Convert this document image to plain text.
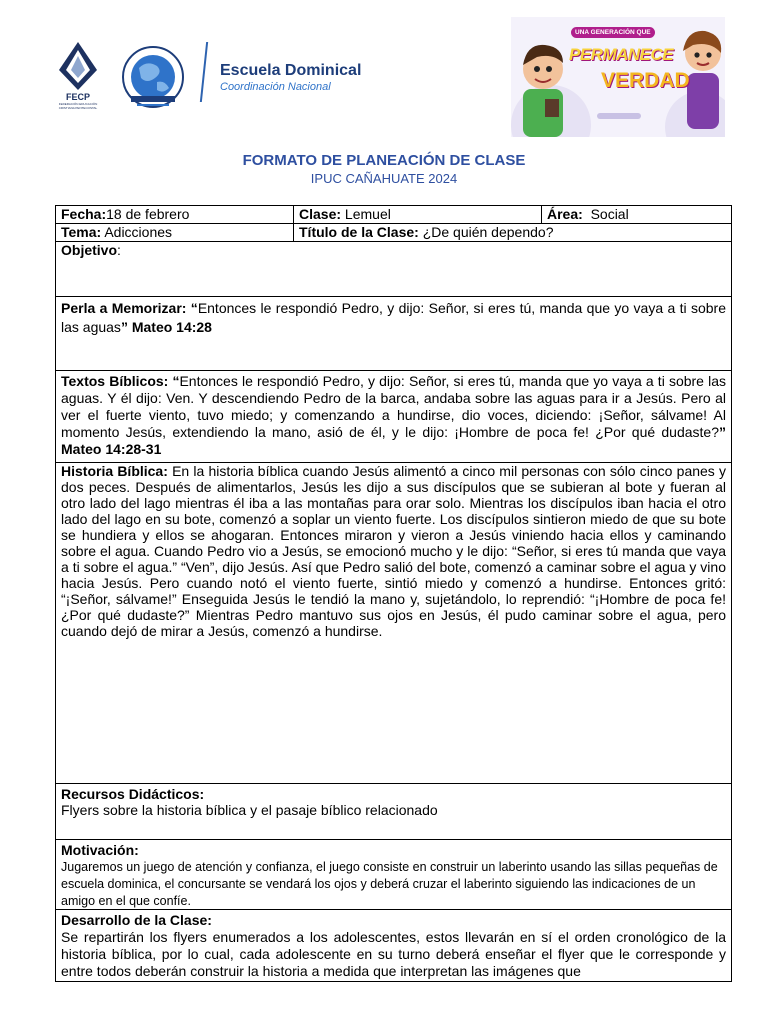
FECP
FEDERACIÓN EDUCACIÓN CRISTIANA PENTECOSTAL
Escuela Dominical
Coordinación Nacional
UNA GENERACIÓN QUE
PERMANECE
VERDAD
FORMATO DE PLANEACIÓN DE CLASE
IPUC CAÑAHUATE 2024
Fecha:18 de febrero	Clase: Lemuel	Área:  Social
Tema: Adicciones	Título de la Clase: ¿De quién dependo?	
Objetivo:		
Perla a Memorizar: “Entonces le respondió Pedro, y dijo: Señor, si eres tú, manda que yo vaya a ti sobre las aguas” Mateo 14:28		
Textos Bíblicos: “Entonces le respondió Pedro, y dijo: Señor, si eres tú, manda que yo vaya a ti sobre las aguas. Y él dijo: Ven. Y descendiendo Pedro de la barca, andaba sobre las aguas para ir a Jesús. Pero al ver el fuerte viento, tuvo miedo; y comenzando a hundirse, dio voces, diciendo: ¡Señor, sálvame! Al momento Jesús, extendiendo la mano, asió de él, y le dijo: ¡Hombre de poca fe! ¿Por qué dudaste?” Mateo 14:28-31		
Historia Bíblica: En la historia bíblica cuando Jesús alimentó a cinco mil personas con sólo cinco panes y dos peces. Después de alimentarlos, Jesús les dijo a sus discípulos que se subieran al bote y fueran al otro lado del lago mientras él iba a las montañas para orar solo. Mientras los discípulos iban hacia el otro lado del lago en su bote, comenzó a soplar un viento fuerte. Los discípulos sintieron miedo de que su bote se hundiera y ellos se ahogaran. Entonces miraron y vieron a Jesús viniendo hacia ellos y caminando sobre el agua. Cuando Pedro vio a Jesús, se emocionó mucho y le dijo: “Señor, si eres tú manda que vaya a ti sobre el agua.” “Ven”, dijo Jesús. Así que Pedro salió del bote, comenzó a caminar sobre el agua y vino hacia Jesús. Pero cuando notó el viento fuerte, sintió miedo y comenzó a hundirse. Entonces gritó: “¡Señor, sálvame!” Enseguida Jesús le tendió la mano y, sujetándolo, lo reprendió: “¡Hombre de poca fe! ¿Por qué dudaste?” Mientras Pedro mantuvo sus ojos en Jesús, él pudo caminar sobre el agua, pero cuando dejó de mirar a Jesús, comenzó a hundirse.		
Recursos Didácticos:
Flyers sobre la historia bíblica y el pasaje bíblico relacionado		
Motivación:
Jugaremos un juego de atención y confianza, el juego consiste en construir un laberinto usando las sillas pequeñas de escuela dominica, el concursante se vendará los ojos y deberá cruzar el laberinto siguiendo las indicaciones de un amigo en el que confíe.		
Desarrollo de la Clase:
Se repartirán los flyers enumerados a los adolescentes, estos llevarán en sí el orden cronológico de la historia bíblica, por lo cual, cada adolescente en su turno deberá enseñar el flyer que le corresponde y entre todos deberán construir la historia a medida que interpretan las imágenes que		
